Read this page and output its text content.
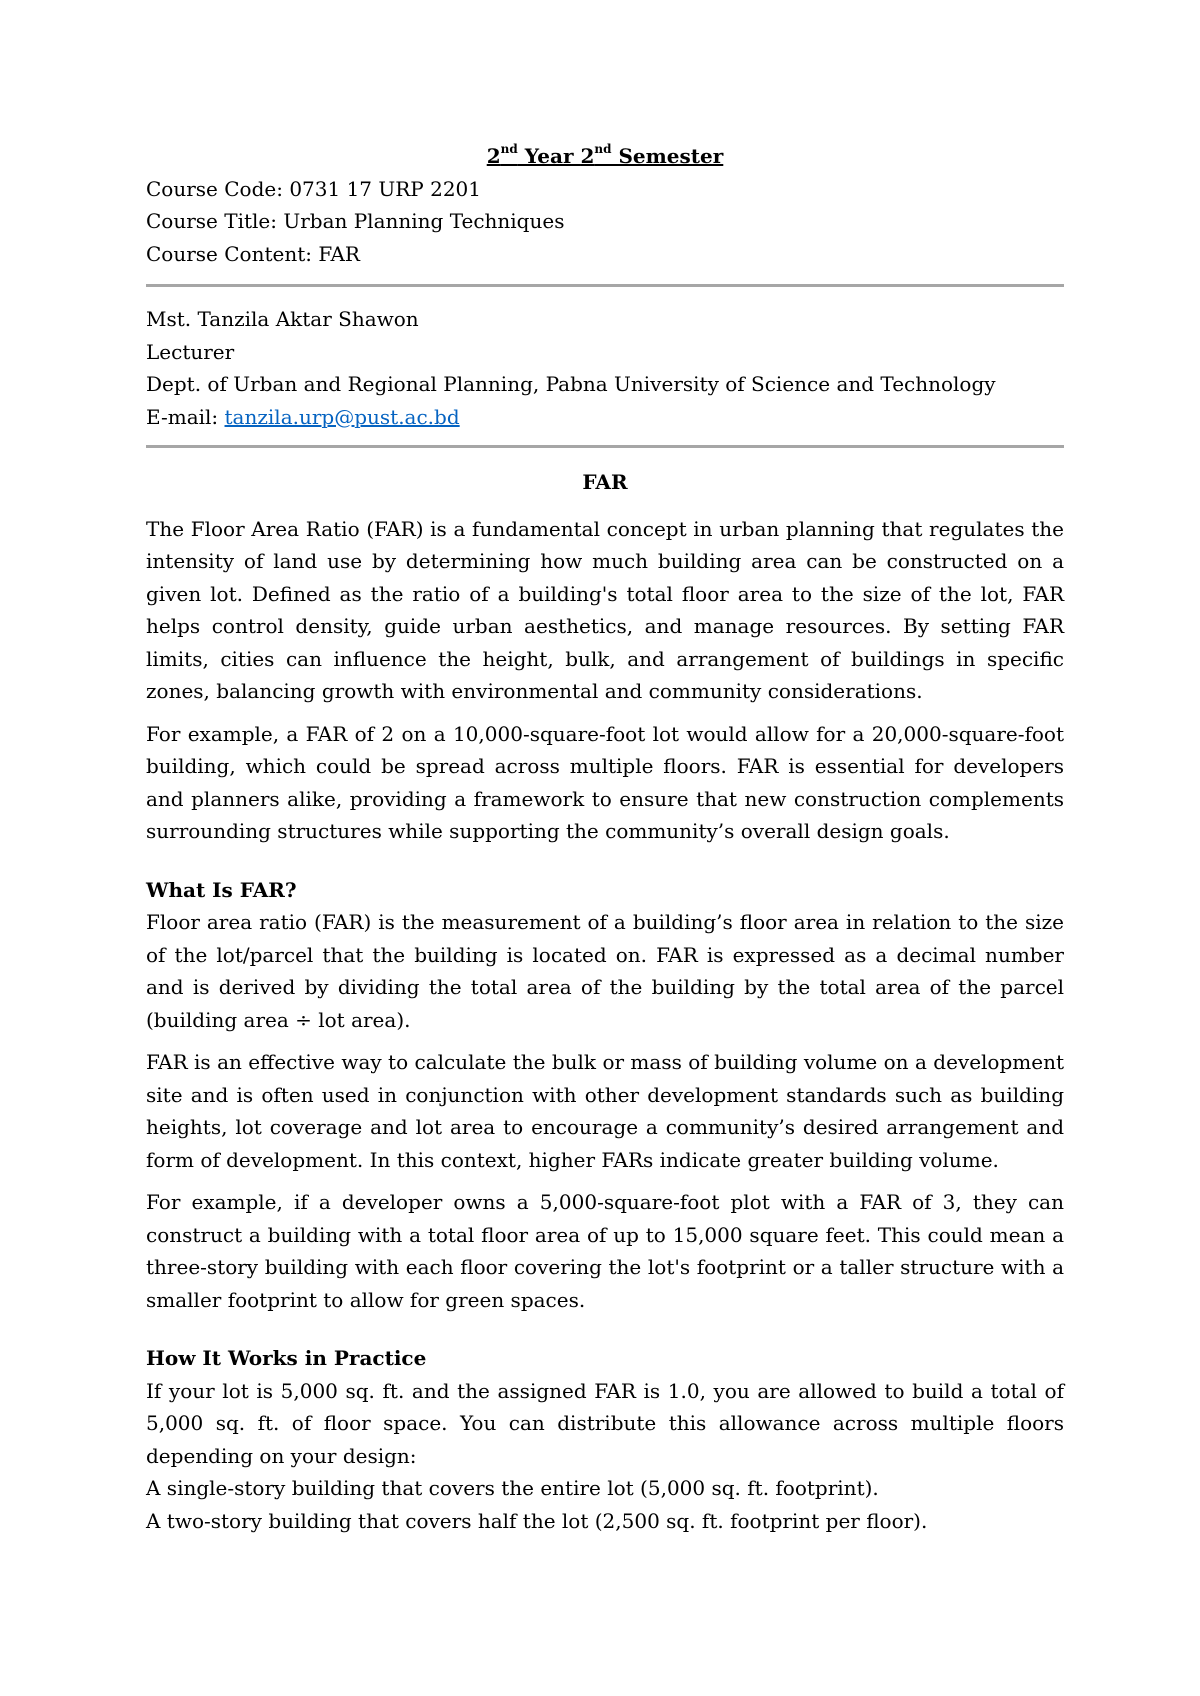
2nd Year 2nd Semester

Course Code: 0731 17 URP 2201

Course Title: Urban Planning Techniques

Course Content: FAR

Mst. Tanzila Aktar Shawon

Lecturer

Dept. of Urban and Regional Planning, Pabna University of Science and Technology

E-mail: tanzila.urp@pust.ac.bd

FAR

The Floor Area Ratio (FAR) is a fundamental concept in urban planning that regulates the intensity of land use by determining how much building area can be constructed on a given lot. Defined as the ratio of a building's total floor area to the size of the lot, FAR helps control density, guide urban aesthetics, and manage resources. By setting FAR limits, cities can influence the height, bulk, and arrangement of buildings in specific zones, balancing growth with environmental and community considerations.

For example, a FAR of 2 on a 10,000-square-foot lot would allow for a 20,000-square-foot building, which could be spread across multiple floors. FAR is essential for developers and planners alike, providing a framework to ensure that new construction complements surrounding structures while supporting the community’s overall design goals.

What Is FAR?

Floor area ratio (FAR) is the measurement of a building’s floor area in relation to the size of the lot/parcel that the building is located on. FAR is expressed as a decimal number and is derived by dividing the total area of the building by the total area of the parcel (building area ÷ lot area).

FAR is an effective way to calculate the bulk or mass of building volume on a development site and is often used in conjunction with other development standards such as building heights, lot coverage and lot area to encourage a community’s desired arrangement and form of development. In this context, higher FARs indicate greater building volume.

For example, if a developer owns a 5,000-square-foot plot with a FAR of 3, they can construct a building with a total floor area of up to 15,000 square feet. This could mean a three-story building with each floor covering the lot's footprint or a taller structure with a smaller footprint to allow for green spaces.

How It Works in Practice

If your lot is 5,000 sq. ft. and the assigned FAR is 1.0, you are allowed to build a total of 5,000 sq. ft. of floor space. You can distribute this allowance across multiple floors depending on your design:

A single-story building that covers the entire lot (5,000 sq. ft. footprint).

A two-story building that covers half the lot (2,500 sq. ft. footprint per floor).
